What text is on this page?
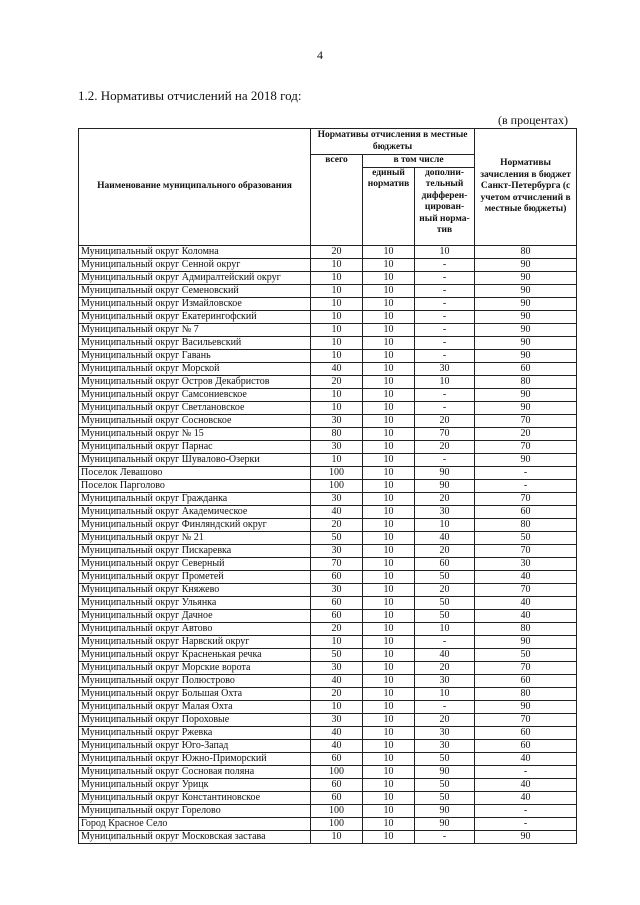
4
1.2. Нормативы отчислений на 2018 год:
(в процентах)
Наименование муниципального образования	Нормативы отчисления в местные бюджеты			Нормативы зачисления в бюджет Санкт-Петербурга (с учетом отчислений в местные бюджеты)
	всего	в том числе		
		единый норматив	дополни-тельный дифферен-цирован-ный норма-тив	
Муниципальный округ Коломна	20	10	10	80
Муниципальный округ Сенной округ	10	10	-	90
Муниципальный округ Адмиралтейский округ	10	10	-	90
Муниципальный округ Семеновский	10	10	-	90
Муниципальный округ Измайловское	10	10	-	90
Муниципальный округ Екатерингофский	10	10	-	90
Муниципальный округ № 7	10	10	-	90
Муниципальный округ Васильевский	10	10	-	90
Муниципальный округ Гавань	10	10	-	90
Муниципальный округ Морской	40	10	30	60
Муниципальный округ Остров Декабристов	20	10	10	80
Муниципальный округ Самсониевское	10	10	-	90
Муниципальный округ Светлановское	10	10	-	90
Муниципальный округ Сосновское	30	10	20	70
Муниципальный округ № 15	80	10	70	20
Муниципальный округ Парнас	30	10	20	70
Муниципальный округ Шувалово-Озерки	10	10	-	90
Поселок Левашово	100	10	90	-
Поселок Парголово	100	10	90	-
Муниципальный округ Гражданка	30	10	20	70
Муниципальный округ Академическое	40	10	30	60
Муниципальный округ Финляндский округ	20	10	10	80
Муниципальный округ № 21	50	10	40	50
Муниципальный округ Пискаревка	30	10	20	70
Муниципальный округ Северный	70	10	60	30
Муниципальный округ Прометей	60	10	50	40
Муниципальный округ Княжево	30	10	20	70
Муниципальный округ Ульянка	60	10	50	40
Муниципальный округ Дачное	60	10	50	40
Муниципальный округ Автово	20	10	10	80
Муниципальный округ Нарвский округ	10	10	-	90
Муниципальный округ Красненькая речка	50	10	40	50
Муниципальный округ Морские ворота	30	10	20	70
Муниципальный округ Полюстрово	40	10	30	60
Муниципальный округ Большая Охта	20	10	10	80
Муниципальный округ Малая Охта	10	10	-	90
Муниципальный округ Пороховые	30	10	20	70
Муниципальный округ Ржевка	40	10	30	60
Муниципальный округ Юго-Запад	40	10	30	60
Муниципальный округ Южно-Приморский	60	10	50	40
Муниципальный округ Сосновая поляна	100	10	90	-
Муниципальный округ Урицк	60	10	50	40
Муниципальный округ Константиновское	60	10	50	40
Муниципальный округ Горелово	100	10	90	-
Город Красное Село	100	10	90	-
Муниципальный округ Московская застава	10	10	-	90
